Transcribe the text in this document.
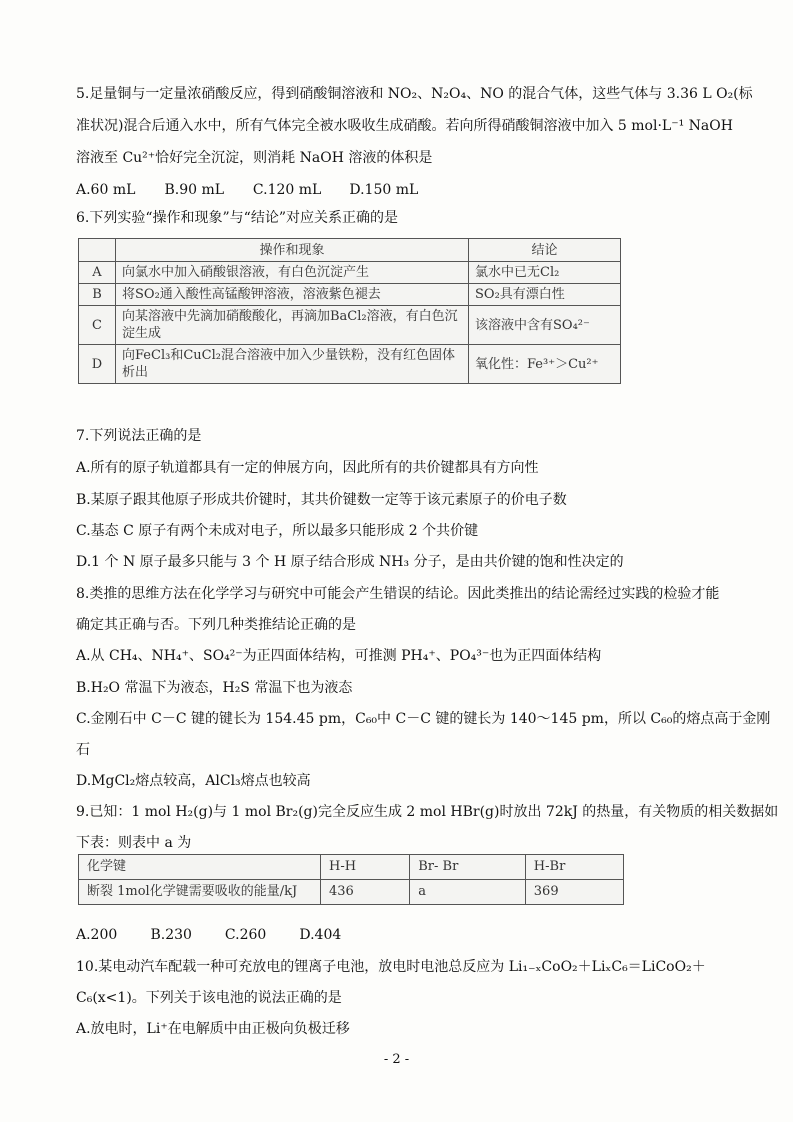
5.足量铜与一定量浓硝酸反应，得到硝酸铜溶液和 NO₂、N₂O₄、NO 的混合气体，这些气体与 3.36 L O₂(标
准状况)混合后通入水中，所有气体完全被水吸收生成硝酸。若向所得硝酸铜溶液中加入 5 mol·L⁻¹ NaOH
溶液至 Cu²⁺恰好完全沉淀，则消耗 NaOH 溶液的体积是
A.60 mL B.90 mL C.120 mL D.150 mL
6.下列实验“操作和现象”与“结论”对应关系正确的是
	操作和现象	结论
A	向氯水中加入硝酸银溶液，有白色沉淀产生	氯水中已无Cl₂
B	将SO₂通入酸性高锰酸钾溶液，溶液紫色褪去	SO₂具有漂白性
C	向某溶液中先滴加硝酸酸化，再滴加BaCl₂溶液，有白色沉淀生成	该溶液中含有SO₄²⁻
D	向FeCl₃和CuCl₂混合溶液中加入少量铁粉，没有红色固体析出	氧化性：Fe³⁺＞Cu²⁺
7.下列说法正确的是
A.所有的原子轨道都具有一定的伸展方向，因此所有的共价键都具有方向性
B.某原子跟其他原子形成共价键时，其共价键数一定等于该元素原子的价电子数
C.基态 C 原子有两个未成对电子，所以最多只能形成 2 个共价键
D.1 个 N 原子最多只能与 3 个 H 原子结合形成 NH₃ 分子，是由共价键的饱和性决定的
8.类推的思维方法在化学学习与研究中可能会产生错误的结论。因此类推出的结论需经过实践的检验才能
确定其正确与否。下列几种类推结论正确的是
A.从 CH₄、NH₄⁺、SO₄²⁻为正四面体结构，可推测 PH₄⁺、PO₄³⁻也为正四面体结构
B.H₂O 常温下为液态，H₂S 常温下也为液态
C.金刚石中 C－C 键的键长为 154.45 pm，C₆₀中 C－C 键的键长为 140～145 pm，所以 C₆₀的熔点高于金刚
石
D.MgCl₂熔点较高，AlCl₃熔点也较高
9.已知：1 mol H₂(g)与 1 mol Br₂(g)完全反应生成 2 mol HBr(g)时放出 72kJ 的热量，有关物质的相关数据如
下表：则表中 a 为
化学键	H-H	Br- Br	H-Br
断裂 1mol化学键需要吸收的能量/kJ	436	a	369
A.200 B.230 C.260 D.404
10.某电动汽车配载一种可充放电的锂离子电池，放电时电池总反应为 Li₁₋ₓCoO₂＋LiₓC₆＝LiCoO₂＋
C₆(x<1)。下列关于该电池的说法正确的是
A.放电时，Li⁺在电解质中由正极向负极迁移
- 2 -
